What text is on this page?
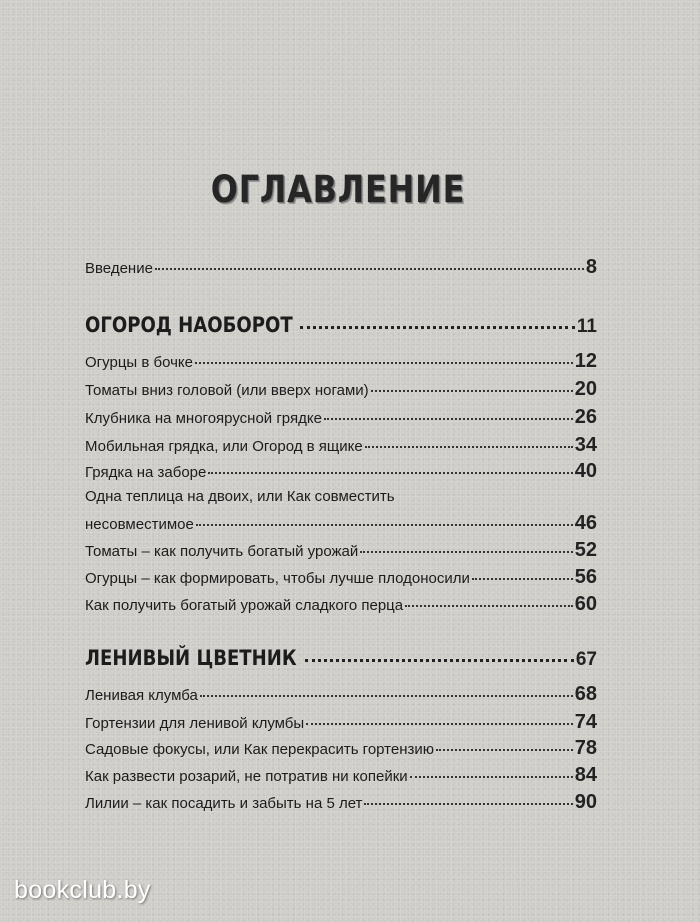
ОГЛАВЛЕНИЕ
Введение	8
ОГОРОД НАОБОРОТ	11
Огурцы в бочке	12
Томаты вниз головой (или вверх ногами)	20
Клубника на многоярусной грядке	26
Мобильная грядка, или Огород в ящике	34
Грядка на заборе	40
Одна теплица на двоих, или Как совместить
несовместимое	46
Томаты – как получить богатый урожай	52
Огурцы – как формировать, чтобы лучше плодоносили	56
Как получить богатый урожай сладкого перца	60
ЛЕНИВЫЙ ЦВЕТНИК	67
Ленивая клумба	68
Гортензии для ленивой клумбы	74
Садовые фокусы, или Как перекрасить гортензию	78
Как развести розарий, не потратив ни копейки	84
Лилии – как посадить и забыть на 5 лет	90
bookclub.by
